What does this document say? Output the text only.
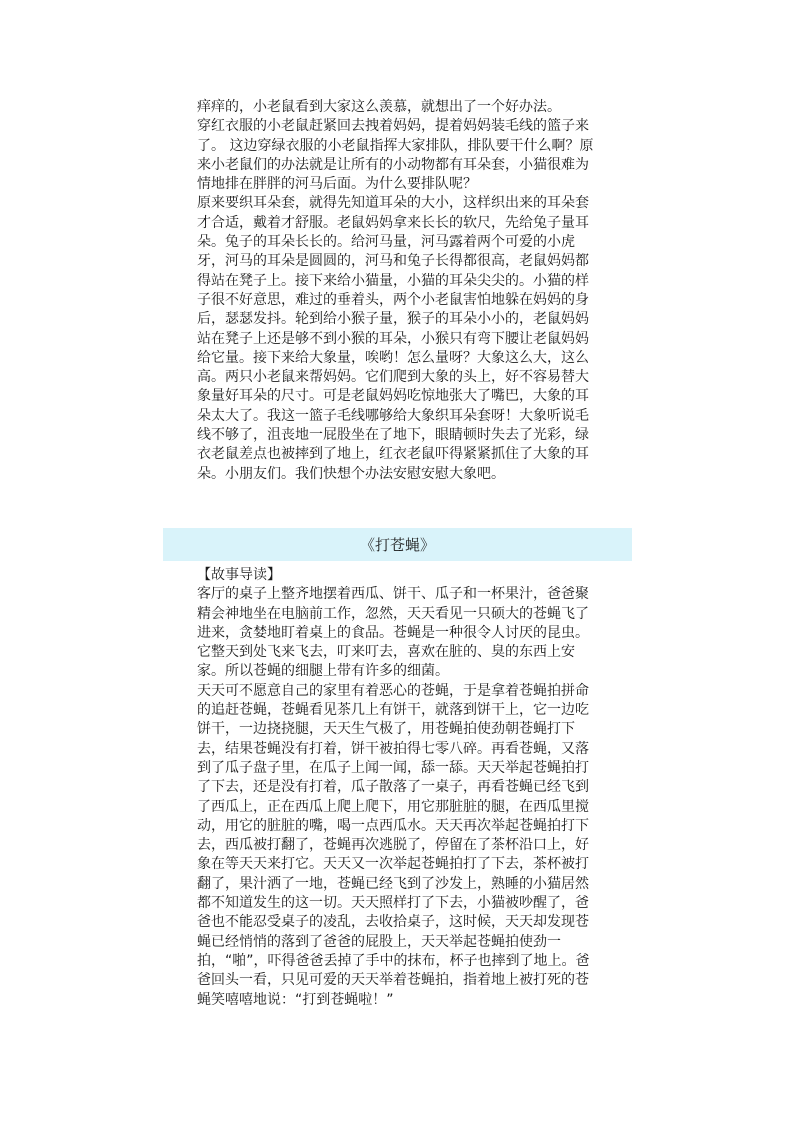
痒痒的，小老鼠看到大家这么羡慕，就想出了一个好办法。
穿红衣服的小老鼠赶紧回去拽着妈妈，提着妈妈装毛线的篮子来了。 这边穿绿衣服的小老鼠指挥大家排队，排队要干什么啊？原来小老鼠们的办法就是让所有的小动物都有耳朵套，小猫很难为情地排在胖胖的河马后面。为什么要排队呢？
原来要织耳朵套，就得先知道耳朵的大小，这样织出来的耳朵套才合适，戴着才舒服。老鼠妈妈拿来长长的软尺，先给兔子量耳朵。兔子的耳朵长长的。给河马量，河马露着两个可爱的小虎牙，河马的耳朵是圆圆的，河马和兔子长得都很高，老鼠妈妈都得站在凳子上。接下来给小猫量，小猫的耳朵尖尖的。小猫的样子很不好意思，难过的垂着头，两个小老鼠害怕地躲在妈妈的身后，瑟瑟发抖。轮到给小猴子量，猴子的耳朵小小的，老鼠妈妈站在凳子上还是够不到小猴的耳朵，小猴只有弯下腰让老鼠妈妈给它量。接下来给大象量，唉哟！怎么量呀？大象这么大，这么高。两只小老鼠来帮妈妈。它们爬到大象的头上，好不容易替大象量好耳朵的尺寸。可是老鼠妈妈吃惊地张大了嘴巴，大象的耳朵太大了。我这一篮子毛线哪够给大象织耳朵套呀！大象听说毛线不够了，沮丧地一屁股坐在了地下，眼睛顿时失去了光彩，绿衣老鼠差点也被摔到了地上，红衣老鼠吓得紧紧抓住了大象的耳朵。小朋友们。我们快想个办法安慰安慰大象吧。
《打苍蝇》
【故事导读】
客厅的桌子上整齐地摆着西瓜、饼干、瓜子和一杯果汁，爸爸聚精会神地坐在电脑前工作，忽然，天天看见一只硕大的苍蝇飞了进来，贪婪地盯着桌上的食品。苍蝇是一种很令人讨厌的昆虫。它整天到处飞来飞去，叮来叮去，喜欢在脏的、臭的东西上安家。所以苍蝇的细腿上带有许多的细菌。
天天可不愿意自己的家里有着恶心的苍蝇，于是拿着苍蝇拍拼命的追赶苍蝇，苍蝇看见茶几上有饼干，就落到饼干上，它一边吃饼干，一边挠挠腿，天天生气极了，用苍蝇拍使劲朝苍蝇打下去，结果苍蝇没有打着，饼干被拍得七零八碎。再看苍蝇，又落到了瓜子盘子里，在瓜子上闻一闻，舔一舔。天天举起苍蝇拍打了下去，还是没有打着，瓜子散落了一桌子，再看苍蝇已经飞到了西瓜上，正在西瓜上爬上爬下，用它那脏脏的腿，在西瓜里搅动，用它的脏脏的嘴，喝一点西瓜水。天天再次举起苍蝇拍打下去，西瓜被打翻了，苍蝇再次逃脱了，停留在了茶杯沿口上，好象在等天天来打它。天天又一次举起苍蝇拍打了下去，茶杯被打翻了，果汁洒了一地，苍蝇已经飞到了沙发上，熟睡的小猫居然都不知道发生的这一切。天天照样打了下去，小猫被吵醒了，爸爸也不能忍受桌子的凌乱，去收拾桌子，这时候，天天却发现苍蝇已经悄悄的落到了爸爸的屁股上，天天举起苍蝇拍使劲一拍，“啪”，吓得爸爸丢掉了手中的抹布，杯子也摔到了地上。爸爸回头一看，只见可爱的天天举着苍蝇拍，指着地上被打死的苍蝇笑嘻嘻地说：“打到苍蝇啦！”
